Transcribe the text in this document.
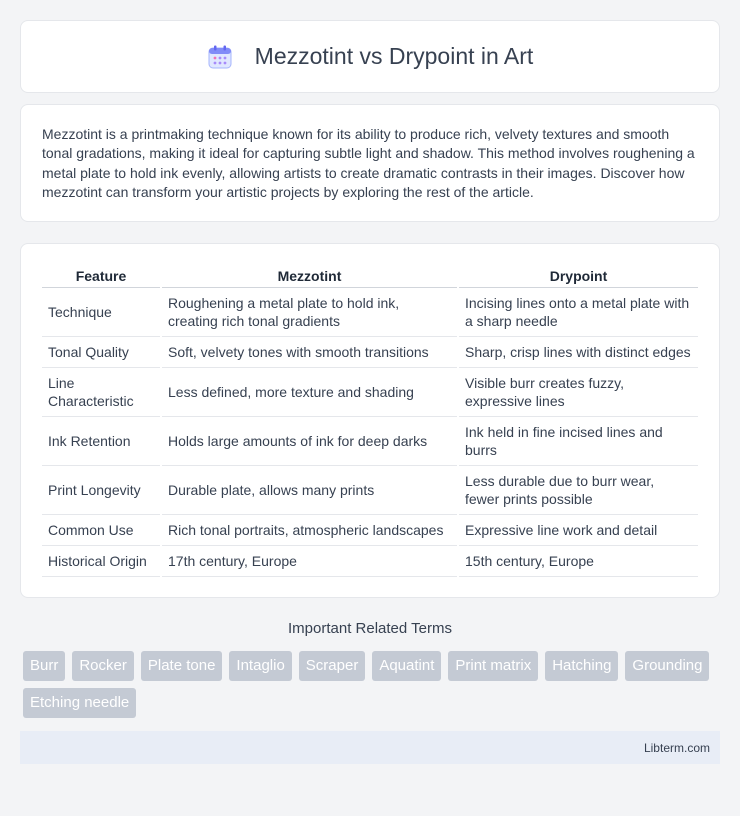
Mezzotint vs Drypoint in Art

Mezzotint is a printmaking technique known for its ability to produce rich, velvety textures and smooth tonal gradations, making it ideal for capturing subtle light and shadow. This method involves roughening a metal plate to hold ink evenly, allowing artists to create dramatic contrasts in their images. Discover how mezzotint can transform your artistic projects by exploring the rest of the article.

Feature	Mezzotint	Drypoint
Technique	Roughening a metal plate to hold ink, creating rich tonal gradients	Incising lines onto a metal plate with a sharp needle
Tonal Quality	Soft, velvety tones with smooth transitions	Sharp, crisp lines with distinct edges
Line Characteristic	Less defined, more texture and shading	Visible burr creates fuzzy, expressive lines
Ink Retention	Holds large amounts of ink for deep darks	Ink held in fine incised lines and burrs
Print Longevity	Durable plate, allows many prints	Less durable due to burr wear, fewer prints possible
Common Use	Rich tonal portraits, atmospheric landscapes	Expressive line work and detail
Historical Origin	17th century, Europe	15th century, Europe
Important Related Terms
Burr	Rocker	Plate tone	Intaglio	Scraper	Aquatint	Print matrix	Hatching	Grounding
Etching needle
Libterm.com
